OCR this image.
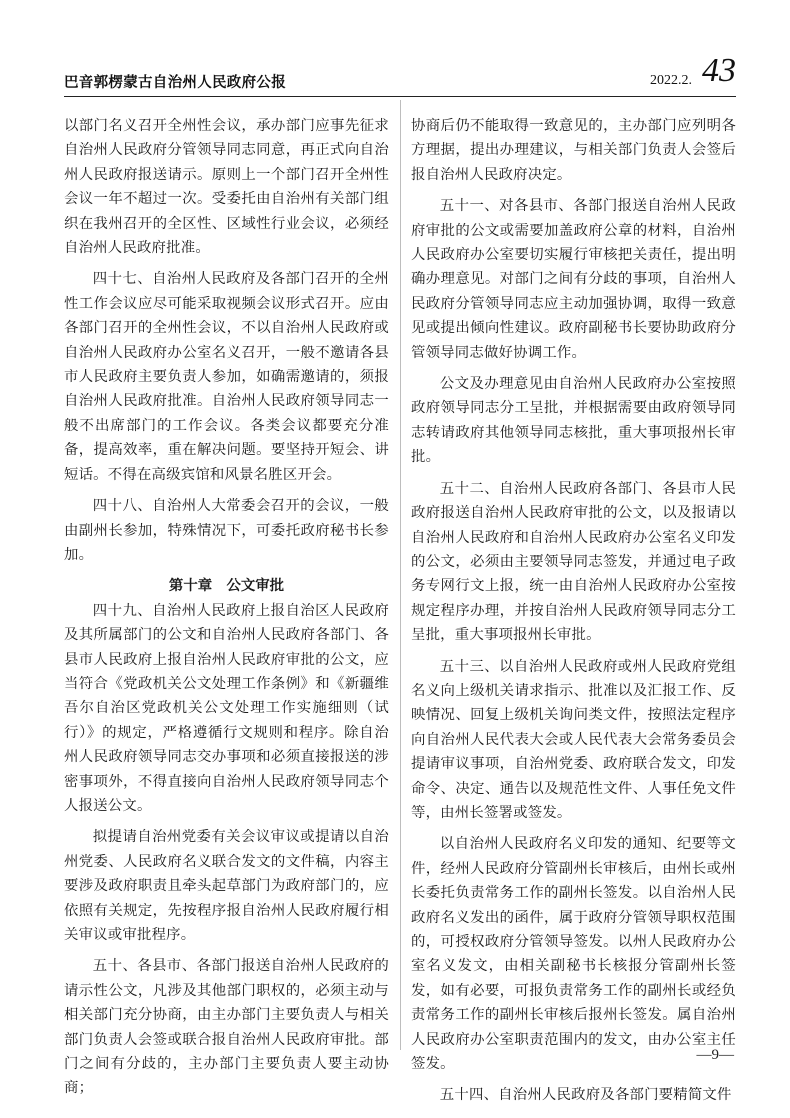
巴音郭楞蒙古自治州人民政府公报	2022.2. 43

以部门名义召开全州性会议，承办部门应事先征求自治州人民政府分管领导同志同意，再正式向自治州人民政府报送请示。原则上一个部门召开全州性会议一年不超过一次。受委托由自治州有关部门组织在我州召开的全区性、区域性行业会议，必须经自治州人民政府批准。

四十七、自治州人民政府及各部门召开的全州性工作会议应尽可能采取视频会议形式召开。应由各部门召开的全州性会议，不以自治州人民政府或自治州人民政府办公室名义召开，一般不邀请各县市人民政府主要负责人参加，如确需邀请的，须报自治州人民政府批准。自治州人民政府领导同志一般不出席部门的工作会议。各类会议都要充分准备，提高效率，重在解决问题。要坚持开短会、讲短话。不得在高级宾馆和风景名胜区开会。

四十八、自治州人大常委会召开的会议，一般由副州长参加，特殊情况下，可委托政府秘书长参加。

第十章　公文审批

四十九、自治州人民政府上报自治区人民政府及其所属部门的公文和自治州人民政府各部门、各县市人民政府上报自治州人民政府审批的公文，应当符合《党政机关公文处理工作条例》和《新疆维吾尔自治区党政机关公文处理工作实施细则（试行）》的规定，严格遵循行文规则和程序。除自治州人民政府领导同志交办事项和必须直接报送的涉密事项外，不得直接向自治州人民政府领导同志个人报送公文。

拟提请自治州党委有关会议审议或提请以自治州党委、人民政府名义联合发文的文件稿，内容主要涉及政府职责且牵头起草部门为政府部门的，应依照有关规定，先按程序报自治州人民政府履行相关审议或审批程序。

五十、各县市、各部门报送自治州人民政府的请示性公文，凡涉及其他部门职权的，必须主动与相关部门充分协商，由主办部门主要负责人与相关部门负责人会签或联合报自治州人民政府审批。部门之间有分歧的，主办部门主要负责人要主动协商；

协商后仍不能取得一致意见的，主办部门应列明各方理据，提出办理建议，与相关部门负责人会签后报自治州人民政府决定。

五十一、对各县市、各部门报送自治州人民政府审批的公文或需要加盖政府公章的材料，自治州人民政府办公室要切实履行审核把关责任，提出明确办理意见。对部门之间有分歧的事项，自治州人民政府分管领导同志应主动加强协调，取得一致意见或提出倾向性建议。政府副秘书长要协助政府分管领导同志做好协调工作。

公文及办理意见由自治州人民政府办公室按照政府领导同志分工呈批，并根据需要由政府领导同志转请政府其他领导同志核批，重大事项报州长审批。

五十二、自治州人民政府各部门、各县市人民政府报送自治州人民政府审批的公文，以及报请以自治州人民政府和自治州人民政府办公室名义印发的公文，必须由主要领导同志签发，并通过电子政务专网行文上报，统一由自治州人民政府办公室按规定程序办理，并按自治州人民政府领导同志分工呈批，重大事项报州长审批。

五十三、以自治州人民政府或州人民政府党组名义向上级机关请求指示、批准以及汇报工作、反映情况、回复上级机关询问类文件，按照法定程序向自治州人民代表大会或人民代表大会常务委员会提请审议事项，自治州党委、政府联合发文，印发命令、决定、通告以及规范性文件、人事任免文件等，由州长签署或签发。

以自治州人民政府名义印发的通知、纪要等文件，经州人民政府分管副州长审核后，由州长或州长委托负责常务工作的副州长签发。以自治州人民政府名义发出的函件，属于政府分管领导职权范围的，可授权政府分管领导签发。以州人民政府办公室名义发文，由相关副秘书长核报分管副州长签发，如有必要，可报负责常务工作的副州长或经负责常务工作的副州长审核后报州长签发。属自治州人民政府办公室职责范围内的发文，由办公室主任签发。

五十四、自治州人民政府及各部门要精简文件

—9—
